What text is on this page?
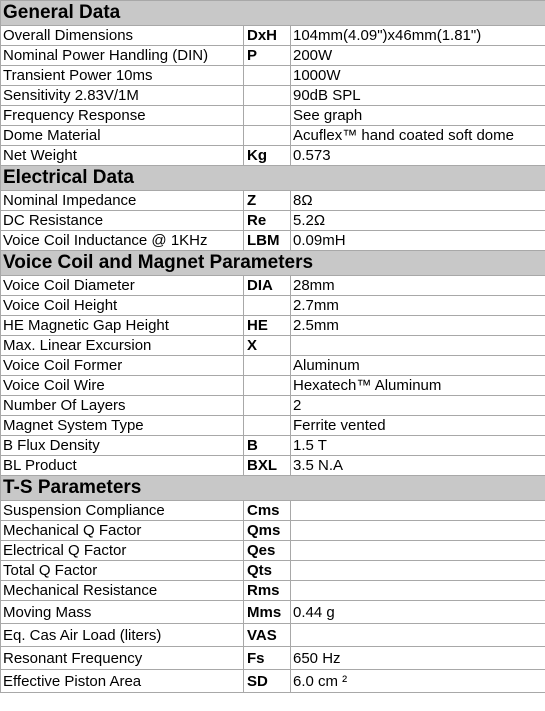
General Data		
Overall Dimensions	DxH	104mm(4.09")x46mm(1.81")
Nominal Power Handling (DIN)	P	200W
Transient Power 10ms		1000W
Sensitivity 2.83V/1M		90dB SPL
Frequency Response		See graph
Dome Material		Acuflex™ hand coated soft dome
Net Weight	Kg	0.573
Electrical Data		
Nominal Impedance	Z	8Ω
DC Resistance	Re	5.2Ω
Voice Coil Inductance @ 1KHz	LBM	0.09mH
Voice Coil and Magnet Parameters		
Voice Coil Diameter	DIA	28mm
Voice Coil Height		2.7mm
HE Magnetic Gap Height	HE	2.5mm
Max. Linear Excursion	X	
Voice Coil Former		Aluminum
Voice Coil Wire		Hexatech™ Aluminum
Number Of Layers		2
Magnet System Type		Ferrite vented
B Flux Density	B	1.5 T
BL Product	BXL	3.5 N.A
T-S Parameters		
Suspension Compliance	Cms	
Mechanical Q Factor	Qms	
Electrical Q Factor	Qes	
Total Q Factor	Qts	
Mechanical Resistance	Rms	
Moving Mass	Mms	0.44 g
Eq. Cas Air Load (liters)	VAS	
Resonant Frequency	Fs	650 Hz
Effective Piston Area	SD	6.0 cm ²
